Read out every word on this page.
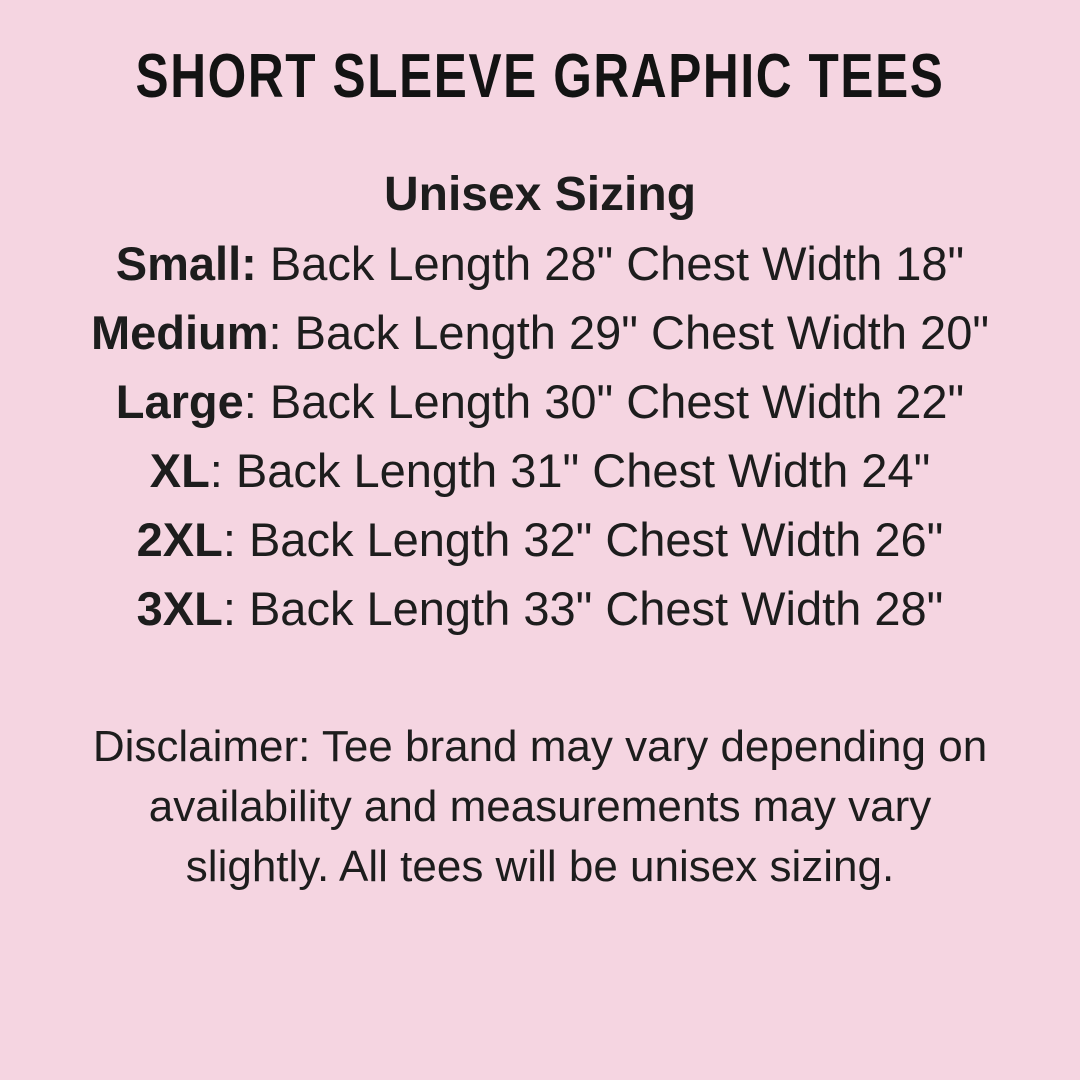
SHORT SLEEVE GRAPHIC TEES
Unisex Sizing
Small: Back Length 28" Chest Width 18"
Medium: Back Length 29" Chest Width 20"
Large: Back Length 30" Chest Width 22"
XL: Back Length 31" Chest Width 24"
2XL: Back Length 32" Chest Width 26"
3XL: Back Length 33" Chest Width 28"
Disclaimer: Tee brand may vary depending on
availability and measurements may vary
slightly. All tees will be unisex sizing.
